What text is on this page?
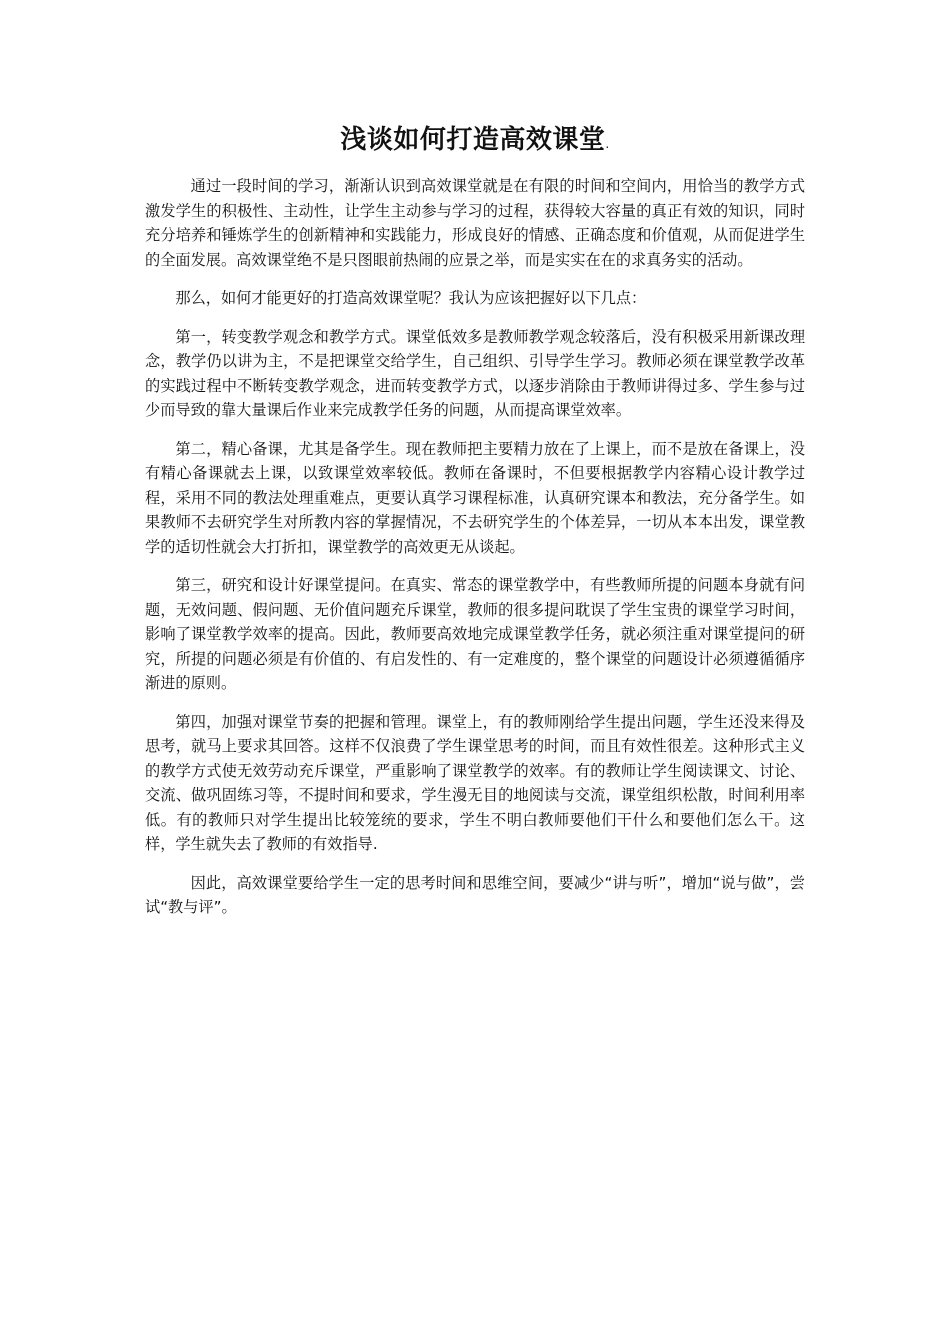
浅谈如何打造高效课堂.

通过一段时间的学习，渐渐认识到高效课堂就是在有限的时间和空间内，用恰当的教学方式激发学生的积极性、主动性，让学生主动参与学习的过程，获得较大容量的真正有效的知识，同时充分培养和锤炼学生的创新精神和实践能力，形成良好的情感、正确态度和价值观，从而促进学生的全面发展。高效课堂绝不是只图眼前热闹的应景之举，而是实实在在的求真务实的活动。

那么，如何才能更好的打造高效课堂呢？我认为应该把握好以下几点：

第一，转变教学观念和教学方式。课堂低效多是教师教学观念较落后，没有积极采用新课改理念，教学仍以讲为主，不是把课堂交给学生，自己组织、引导学生学习。教师必须在课堂教学改革的实践过程中不断转变教学观念，进而转变教学方式，以逐步消除由于教师讲得过多、学生参与过少而导致的靠大量课后作业来完成教学任务的问题，从而提高课堂效率。

第二，精心备课，尤其是备学生。现在教师把主要精力放在了上课上，而不是放在备课上，没有精心备课就去上课，以致课堂效率较低。教师在备课时，不但要根据教学内容精心设计教学过程，采用不同的教法处理重难点，更要认真学习课程标准，认真研究课本和教法，充分备学生。如果教师不去研究学生对所教内容的掌握情况，不去研究学生的个体差异，一切从本本出发，课堂教学的适切性就会大打折扣，课堂教学的高效更无从谈起。

第三，研究和设计好课堂提问。在真实、常态的课堂教学中，有些教师所提的问题本身就有问题，无效问题、假问题、无价值问题充斥课堂，教师的很多提问耽误了学生宝贵的课堂学习时间，影响了课堂教学效率的提高。因此，教师要高效地完成课堂教学任务，就必须注重对课堂提问的研究，所提的问题必须是有价值的、有启发性的、有一定难度的，整个课堂的问题设计必须遵循循序渐进的原则。

第四，加强对课堂节奏的把握和管理。课堂上，有的教师刚给学生提出问题，学生还没来得及思考，就马上要求其回答。这样不仅浪费了学生课堂思考的时间，而且有效性很差。这种形式主义的教学方式使无效劳动充斥课堂，严重影响了课堂教学的效率。有的教师让学生阅读课文、讨论、交流、做巩固练习等，不提时间和要求，学生漫无目的地阅读与交流，课堂组织松散，时间利用率低。有的教师只对学生提出比较笼统的要求，学生不明白教师要他们干什么和要他们怎么干。这样，学生就失去了教师的有效指导.

因此，高效课堂要给学生一定的思考时间和思维空间，要减少“讲与听”，增加“说与做”，尝试“教与评”。
